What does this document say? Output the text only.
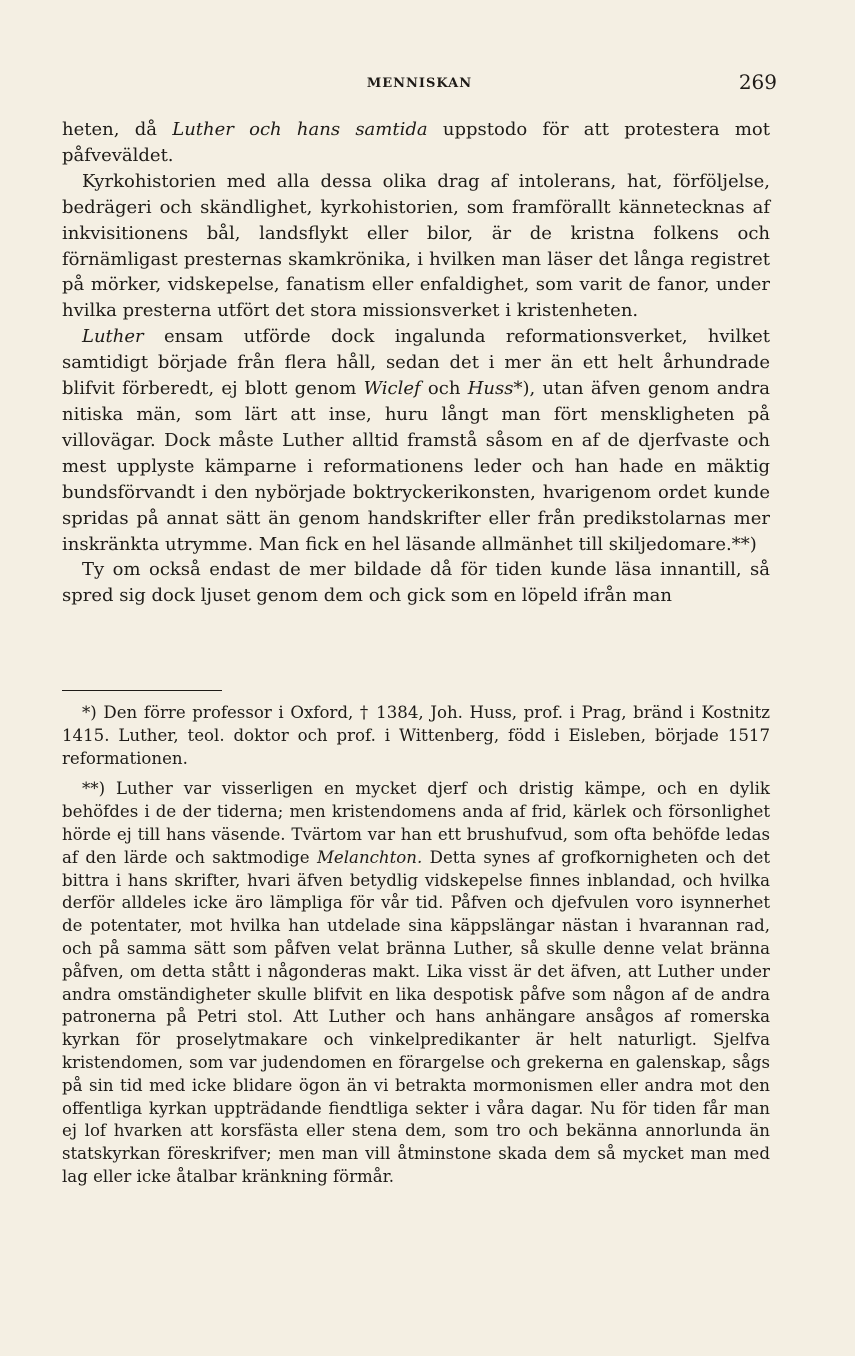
MENNISKAN	269

heten, då Luther och hans samtida uppstodo för att protestera mot påfveväldet.

Kyrkohistorien med alla dessa olika drag af intolerans, hat, förföljelse, bedrägeri och skändlighet, kyrkohistorien, som framförallt kännetecknas af inkvisitionens bål, landsflykt eller bilor, är de kristna folkens och förnämligast presternas skamkrönika, i hvilken man läser det långa registret på mörker, vidskepelse, fanatism eller enfaldighet, som varit de fanor, under hvilka presterna utfört det stora missionsverket i kristenheten.

Luther ensam utförde dock ingalunda reformationsverket, hvilket samtidigt började från flera håll, sedan det i mer än ett helt århundrade blifvit förberedt, ej blott genom Wiclef och Huss*), utan äfven genom andra nitiska män, som lärt att inse, huru långt man fört menskligheten på villovägar. Dock måste Luther alltid framstå såsom en af de djerfvaste och mest upplyste kämparne i reformationens leder och han hade en mäktig bundsförvandt i den nybörjade boktryckerikonsten, hvarigenom ordet kunde spridas på annat sätt än genom handskrifter eller från predikstolarnas mer inskränkta utrymme. Man fick en hel läsande allmänhet till skiljedomare.**)

Ty om också endast de mer bildade då för tiden kunde läsa innantill, så spred sig dock ljuset genom dem och gick som en löpeld ifrån man

*) Den förre professor i Oxford, † 1384, Joh. Huss, prof. i Prag, bränd i Kostnitz 1415. Luther, teol. doktor och prof. i Wittenberg, född i Eisleben, började 1517 reformationen.

**) Luther var visserligen en mycket djerf och dristig kämpe, och en dylik behöfdes i de der tiderna; men kristendomens anda af frid, kärlek och försonlighet hörde ej till hans väsende. Tvärtom var han ett brushufvud, som ofta behöfde ledas af den lärde och saktmodige Melanchton. Detta synes af grofkornigheten och det bittra i hans skrifter, hvari äfven betydlig vidskepelse finnes inblandad, och hvilka derför alldeles icke äro lämpliga för vår tid. Påfven och djefvulen voro isynnerhet de potentater, mot hvilka han utdelade sina käppslängar nästan i hvarannan rad, och på samma sätt som påfven velat bränna Luther, så skulle denne velat bränna påfven, om detta stått i någonderas makt. Lika visst är det äfven, att Luther under andra omständigheter skulle blifvit en lika despotisk påfve som någon af de andra patronerna på Petri stol. Att Luther och hans anhängare ansågos af romerska kyrkan för proselytmakare och vinkelpredikanter är helt naturligt. Sjelfva kristendomen, som var judendomen en förargelse och grekerna en galenskap, sågs på sin tid med icke blidare ögon än vi betrakta mormonismen eller andra mot den offentliga kyrkan uppträdande fiendtliga sekter i våra dagar. Nu för tiden får man ej lof hvarken att korsfästa eller stena dem, som tro och bekänna annorlunda än statskyrkan föreskrifver; men man vill åtminstone skada dem så mycket man med lag eller icke åtalbar kränkning förmår.
